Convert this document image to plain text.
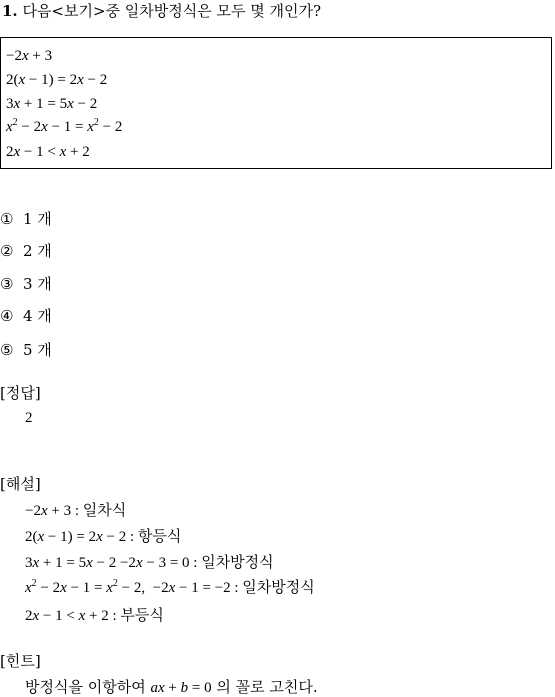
1. 다음<보기>중 일차방정식은 모두 몇 개인가?
−2x + 3
2(x − 1) = 2x − 2
3x + 1 = 5x − 2
$x^2 - 2x - 1 = x^2 - 2$
2x − 1 < x + 2
① 1 개
② 2 개
③ 3 개
④ 4 개
⑤ 5 개
[정답]
2
[해설]
−2x + 3 : 일차식
2(x − 1) = 2x − 2 : 항등식
3x + 1 = 5x − 2 −2x − 3 = 0 : 일차방정식
$x^2 - 2x - 1 = x^2 - 2$,  −2x − 1 = −2 : 일차방정식
2x − 1 < x + 2 : 부등식
[힌트]
방정식을 이항하여 ax + b = 0 의 꼴로 고친다.
